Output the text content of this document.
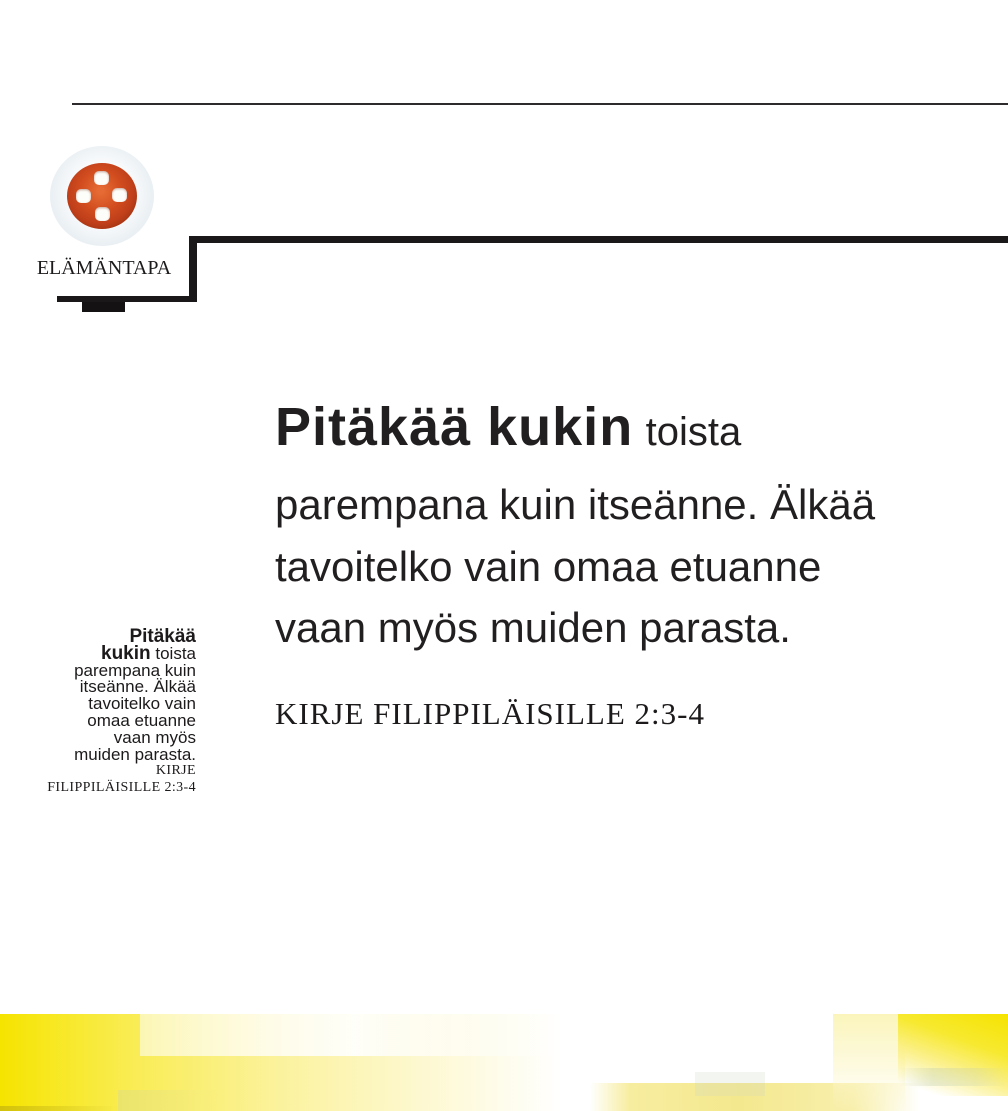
ELÄMÄNTAPA
Pitäkää kukin toista
parempana kuin itseänne. Älkää
tavoitelko vain omaa etuanne
vaan myös muiden parasta.
KIRJE FILIPPILÄISILLE 2:3-4
Pitäkää
kukin toista
parempana kuin
itseänne. Älkää
tavoitelko vain
omaa etuanne
vaan myös
muiden parasta.
KIRJE
FILIPPILÄISILLE 2:3-4
